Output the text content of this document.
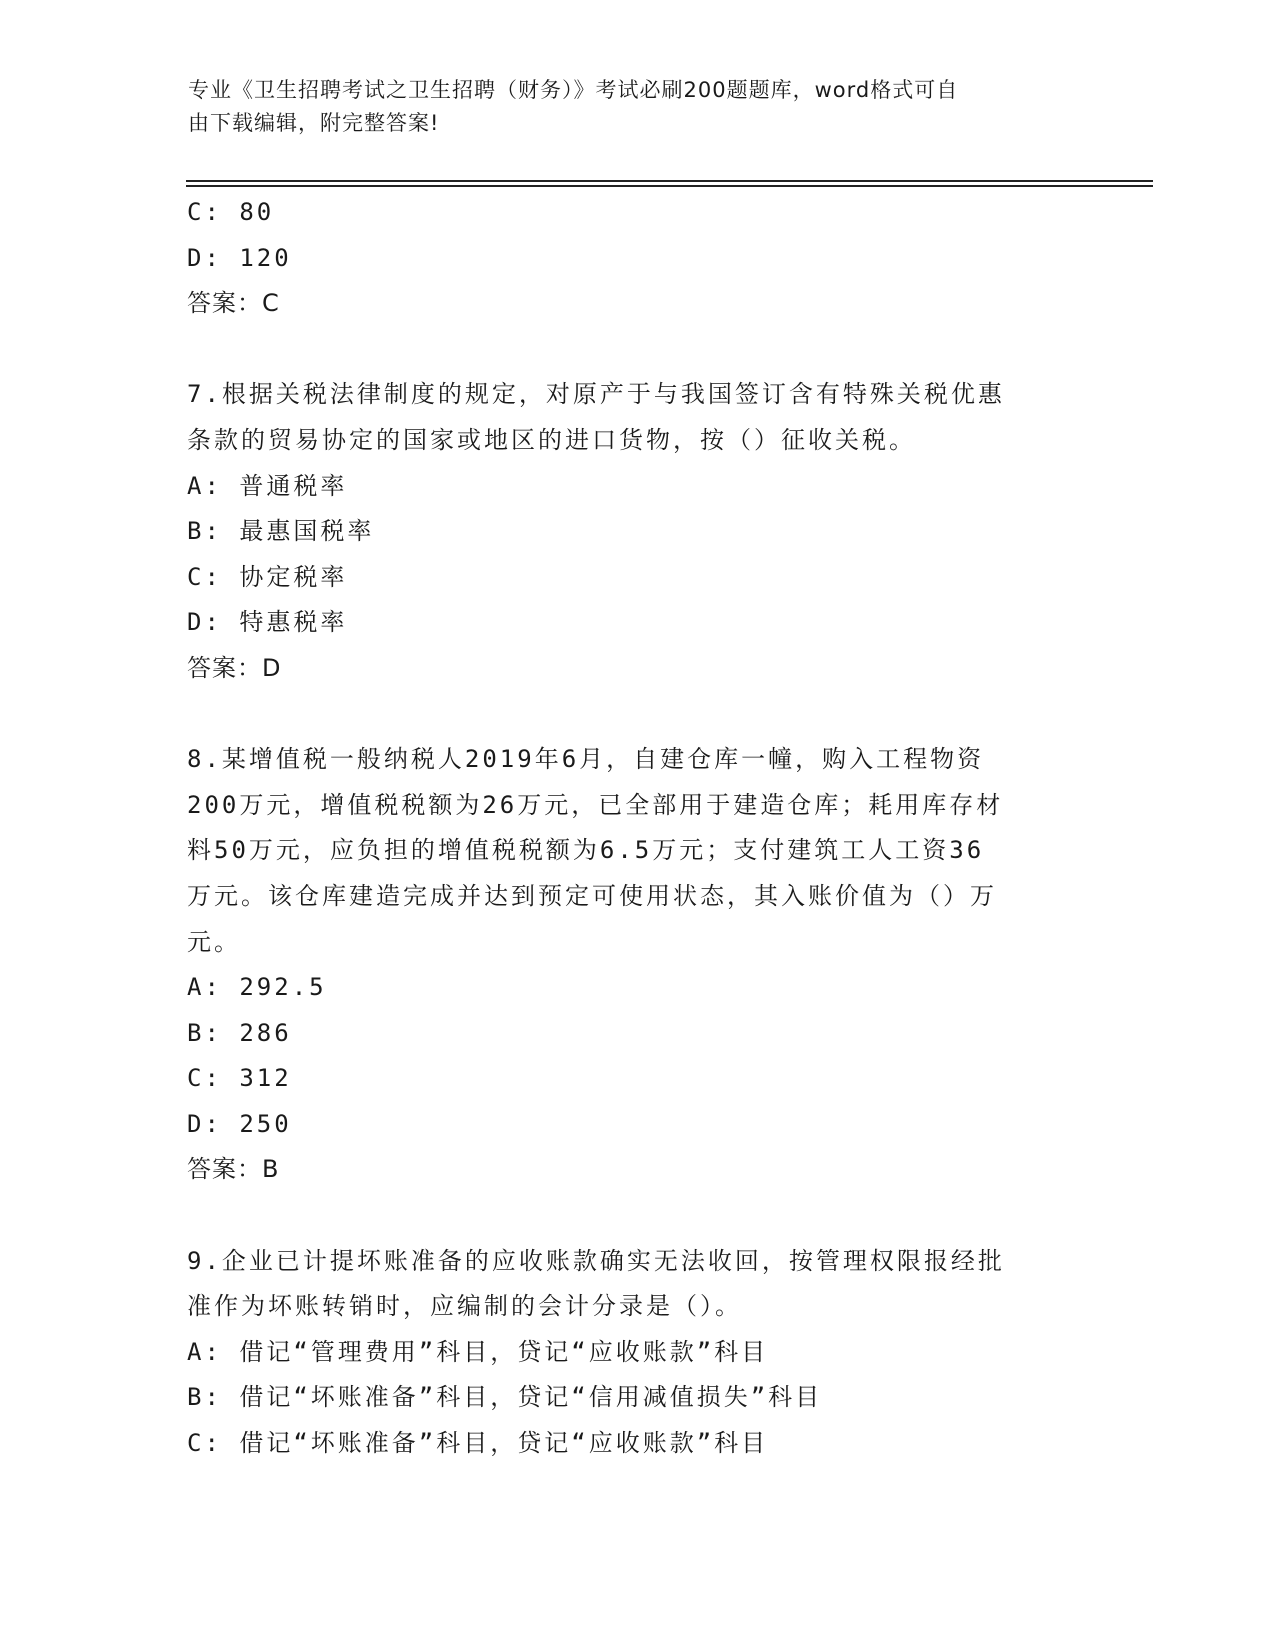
专业《卫生招聘考试之卫生招聘（财务）》考试必刷200题题库，word格式可自
由下载编辑，附完整答案!
C: 80
D: 120
答案：C
7.根据关税法律制度的规定，对原产于与我国签订含有特殊关税优惠
条款的贸易协定的国家或地区的进口货物，按（）征收关税。
A: 普通税率
B: 最惠国税率
C: 协定税率
D: 特惠税率
答案：D
8.某增值税一般纳税人2019年6月，自建仓库一幢，购入工程物资
200万元，增值税税额为26万元，已全部用于建造仓库；耗用库存材
料50万元，应负担的增值税税额为6.5万元；支付建筑工人工资36
万元。该仓库建造完成并达到预定可使用状态，其入账价值为（）万
元。
A: 292.5
B: 286
C: 312
D: 250
答案：B
9.企业已计提坏账准备的应收账款确实无法收回，按管理权限报经批
准作为坏账转销时，应编制的会计分录是（）。
A: 借记“管理费用”科目，贷记“应收账款”科目
B: 借记“坏账准备”科目，贷记“信用减值损失”科目
C: 借记“坏账准备”科目，贷记“应收账款”科目
